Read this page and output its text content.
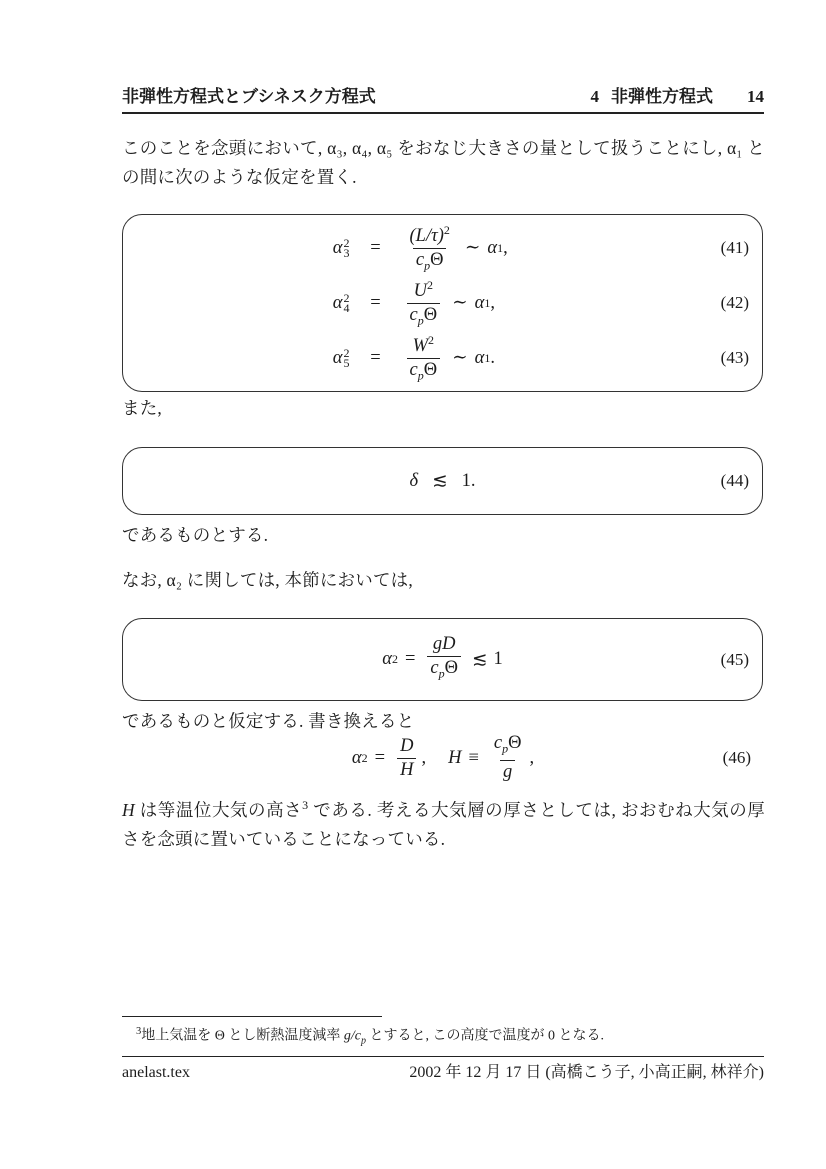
非弾性方程式とブシネスク方程式	4 非弾性方程式 14
このことを念頭において, α₃, α₄, α₅ をおなじ大きさの量として扱うことにし, α₁ との間に次のような仮定を置く.
α 2
3	=	$\frac{(L/\tau)^2}{c_p\Theta}$ ∼ α 1 ,	(41)
α 2
4	=	$\frac{U^2}{c_p\Theta}$ ∼ α 1 ,	(42)
α 2
5	=	$\frac{W^2}{c_p\Theta}$ ∼ α 1 .	(43)
また,
δ ≲ 1.	(44)
であるものとする.
なお, α₂ に関しては, 本節においては,
α $2 = \frac{gD}{c_p\Theta}$ ≲ 1	(45)
であるものと仮定する. 書き換えると
α $2 = \frac{D}{H}$ , $H \equiv \frac{c_p\Theta}{g}$ ,	(46)
H は等温位大気の高さ$^3$ である. 考える大気層の厚さとしては, おおむね大気の厚さを念頭に置いていることになっている.
$^3$地上気温を Θ とし断熱温度減率 $g/c_p$ とすると, この高度で温度が 0 となる.
anelast.tex	2002 年 12 月 17 日 (高橋こう子, 小高正嗣, 林祥介)
